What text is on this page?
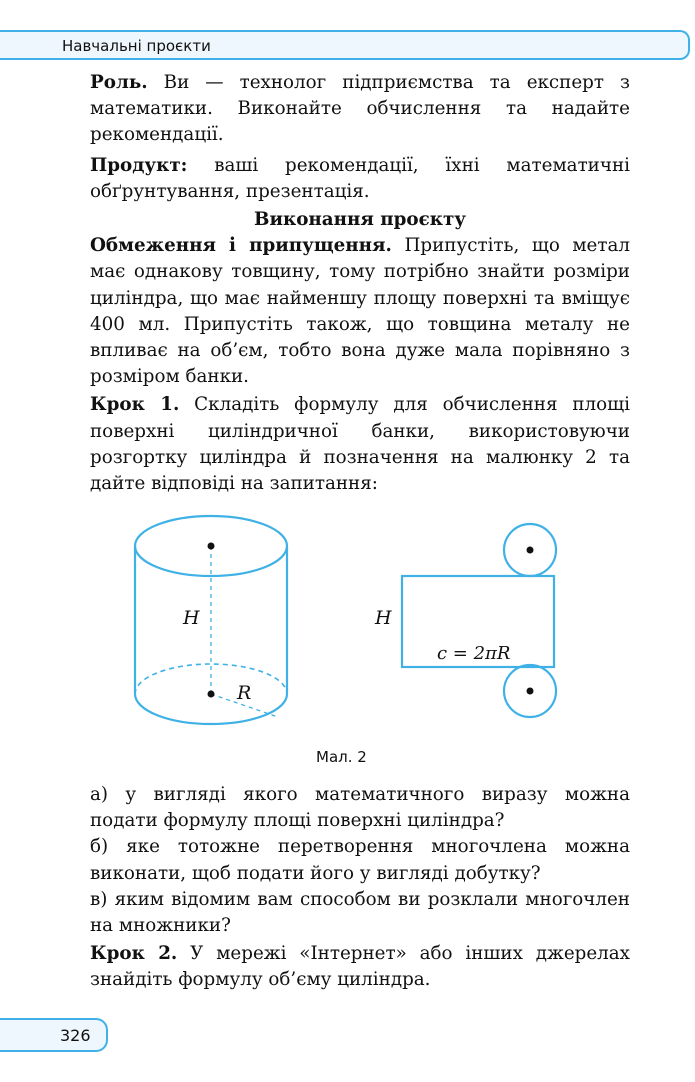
Навчальні проєкти

Роль. Ви — технолог підприємства та експерт з математики. Виконайте обчислення та надайте рекомендації.

Продукт: ваші рекомендації, їхні математичні обґрунтування, презентація.

Виконання проєкту

Обмеження і припущення. Припустіть, що метал має однакову товщину, тому потрібно знайти розміри циліндра, що має найменшу площу поверхні та вміщує 400 мл. Припустіть також, що товщина металу не впливає на об’єм, тобто вона дуже мала порівняно з розміром банки.

Крок 1. Складіть формулу для обчислення площі поверхні циліндричної банки, використовуючи розгортку циліндра й позначення на малюнку 2 та дайте відповіді на запитання:

H
R
H
c = 2πR
Мал. 2

а) у вигляді якого математичного виразу можна подати формулу площі поверхні циліндра?

б) яке тотожне перетворення многочлена можна виконати, щоб подати його у вигляді добутку?

в) яким відомим вам способом ви розклали многочлен на множники?

Крок 2. У мережі «Інтернет» або інших джерелах знайдіть формулу об’єму циліндра.

326
